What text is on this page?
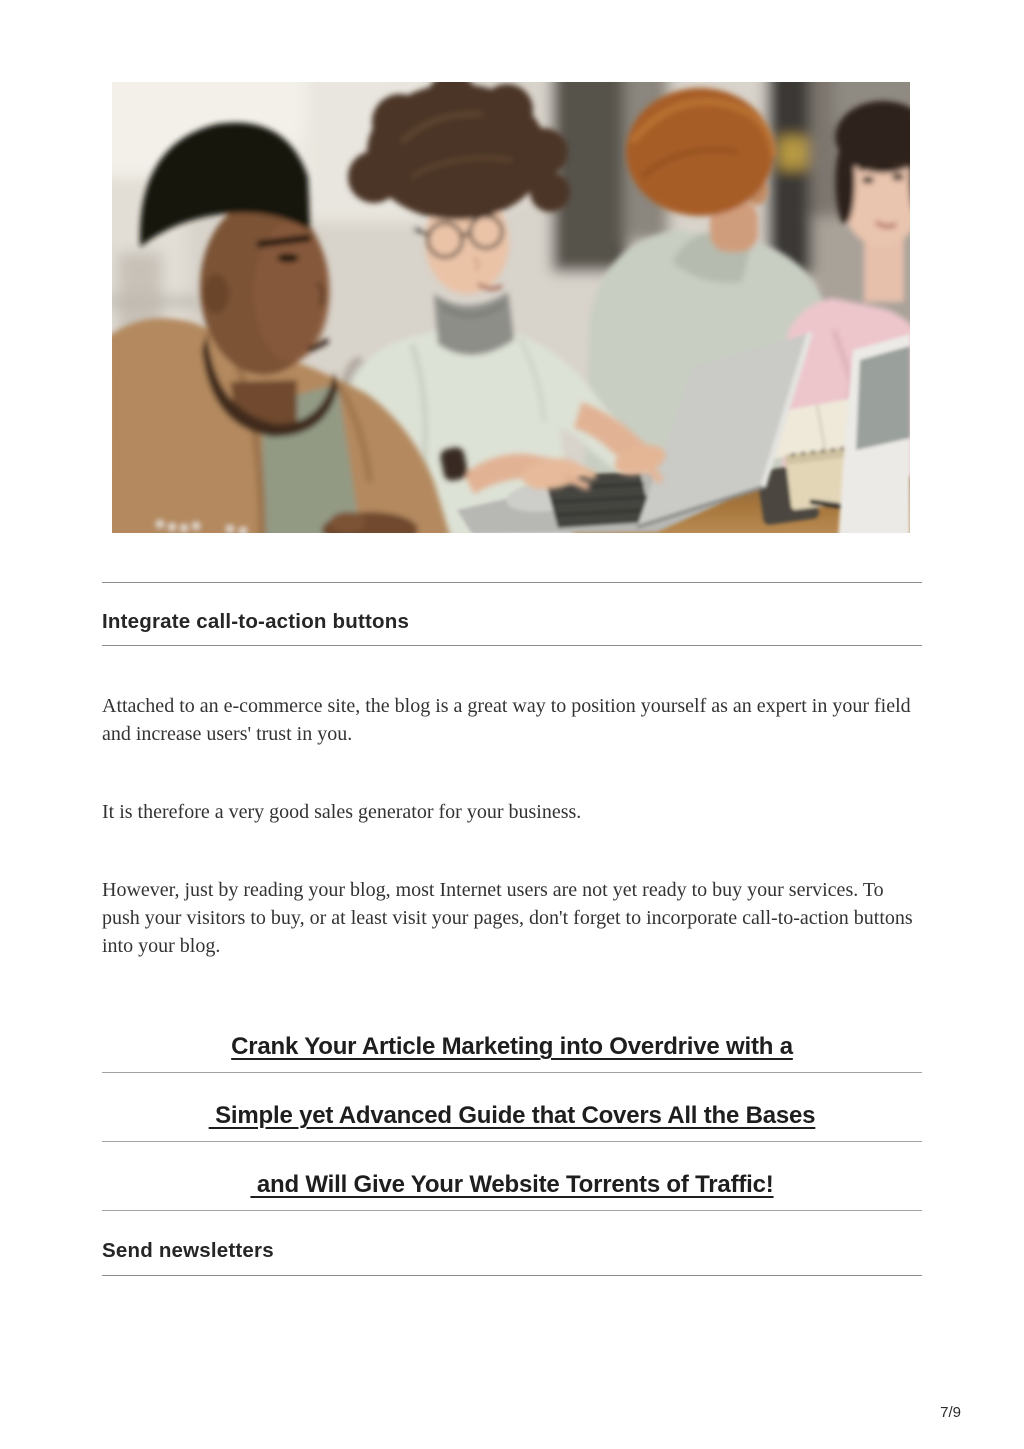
Integrate call-to-action buttons

Attached to an e-commerce site, the blog is a great way to position yourself as an expert in your field and increase users' trust in you.

It is therefore a very good sales generator for your business.

However, just by reading your blog, most Internet users are not yet ready to buy your services. To push your visitors to buy, or at least visit your pages, don't forget to incorporate call-to-action buttons into your blog.

Crank Your Article Marketing into Overdrive with a
Simple yet Advanced Guide that Covers All the Bases
and Will Give Your Website Torrents of Traffic!
Send newsletters
7/9
